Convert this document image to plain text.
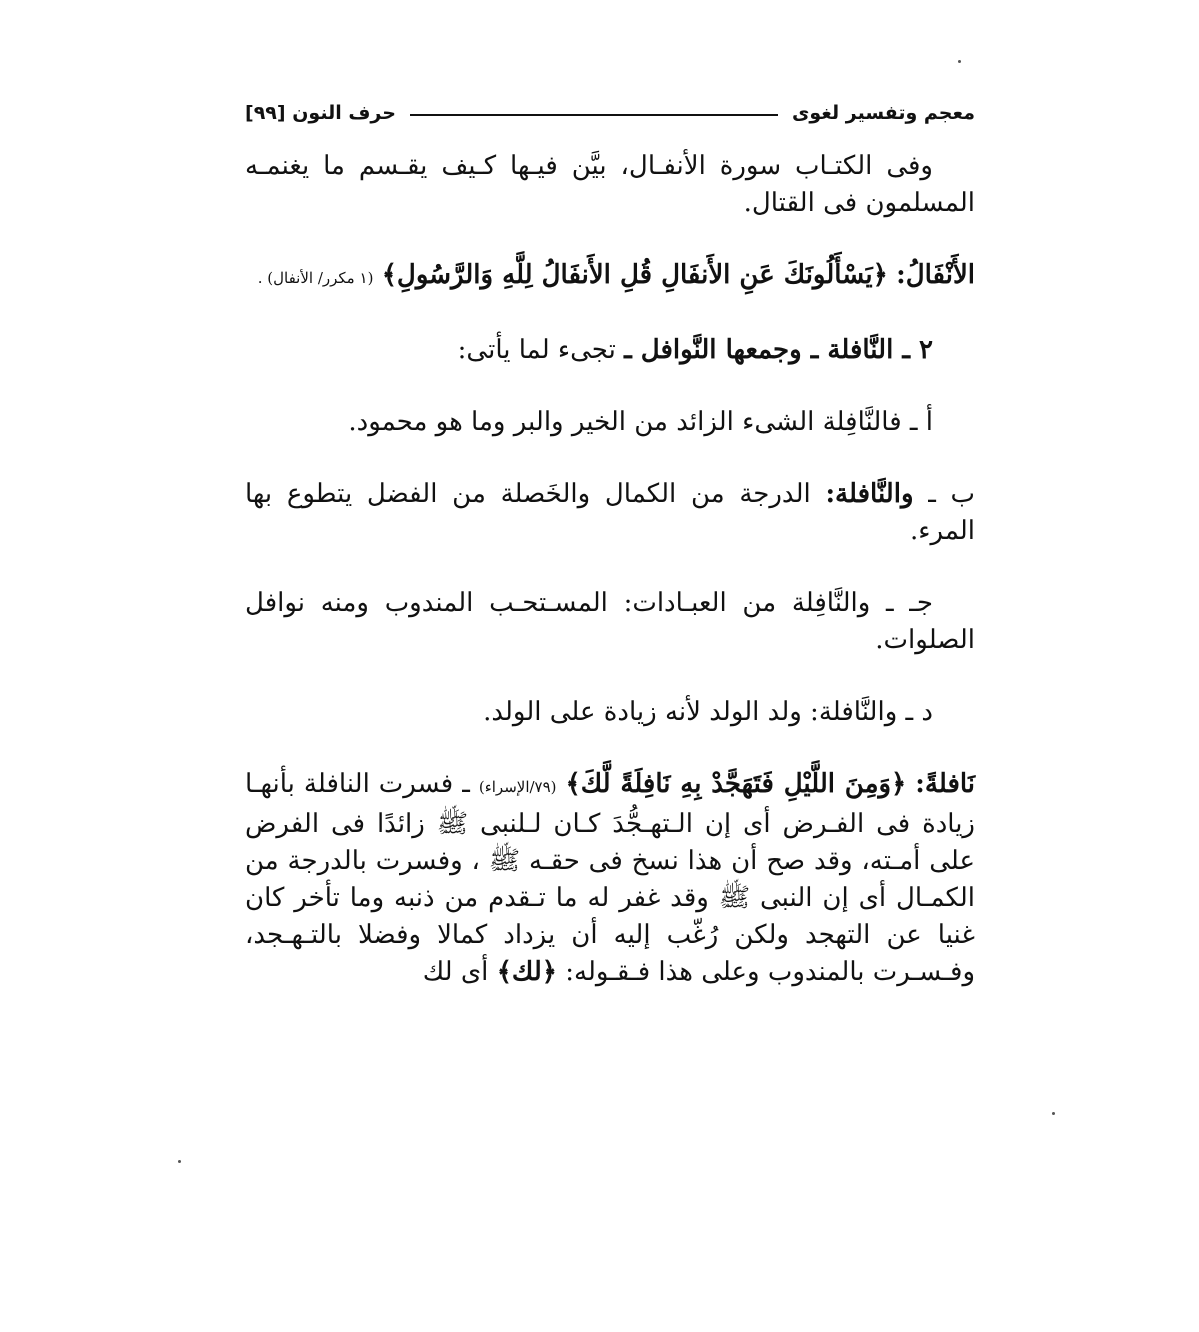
معجم وتفسير لغوى
حرف النون [٩٩]

وفى الكتـاب سورة الأنفـال، بيَّن فيـها كـيف يقـسم ما يغنمـه المسلمون فى القتال.

الأَنْفَالُ: ﴿يَسْأَلُونَكَ عَنِ الأَنفَالِ قُلِ الأَنفَالُ لِلَّهِ وَالرَّسُولِ﴾ (١ مكرر/ الأنفال) .

٢ ـ النَّافلة ـ وجمعها النَّوافل ـ تجىء لما يأتى:

أ ـ فالنَّافِلة الشىء الزائد من الخير والبر وما هو محمود.

ب ـ والنَّافلة: الدرجة من الكمال والخَصلة من الفضل يتطوع بها المرء.

جـ ـ والنَّافِلة من العبـادات: المسـتحـب المندوب ومنه نوافل الصلوات.

د ـ والنَّافلة: ولد الولد لأنه زيادة على الولد.

نَافلةً: ﴿وَمِنَ اللَّيْلِ فَتَهَجَّدْ بِهِ نَافِلَةً لَّكَ﴾ (٧٩/الإسراء) ـ فسرت النافلة بأنهـا زيادة فى الفـرض أى إن الـتهـجُّدَ كـان لـلنبى ﷺ زائدًا فى الفرض على أمـته، وقد صح أن هذا نسخ فى حقـه ﷺ ، وفسرت بالدرجة من الكمـال أى إن النبى ﷺ وقد غفر له ما تـقدم من ذنبه وما تأخر كان غنيا عن التهجد ولكن رُغّب إليه أن يزداد كمالا وفضلا بالتـهـجد، وفـسـرت بالمندوب وعلى هذا فـقـوله: ﴿لك﴾ أى لك
